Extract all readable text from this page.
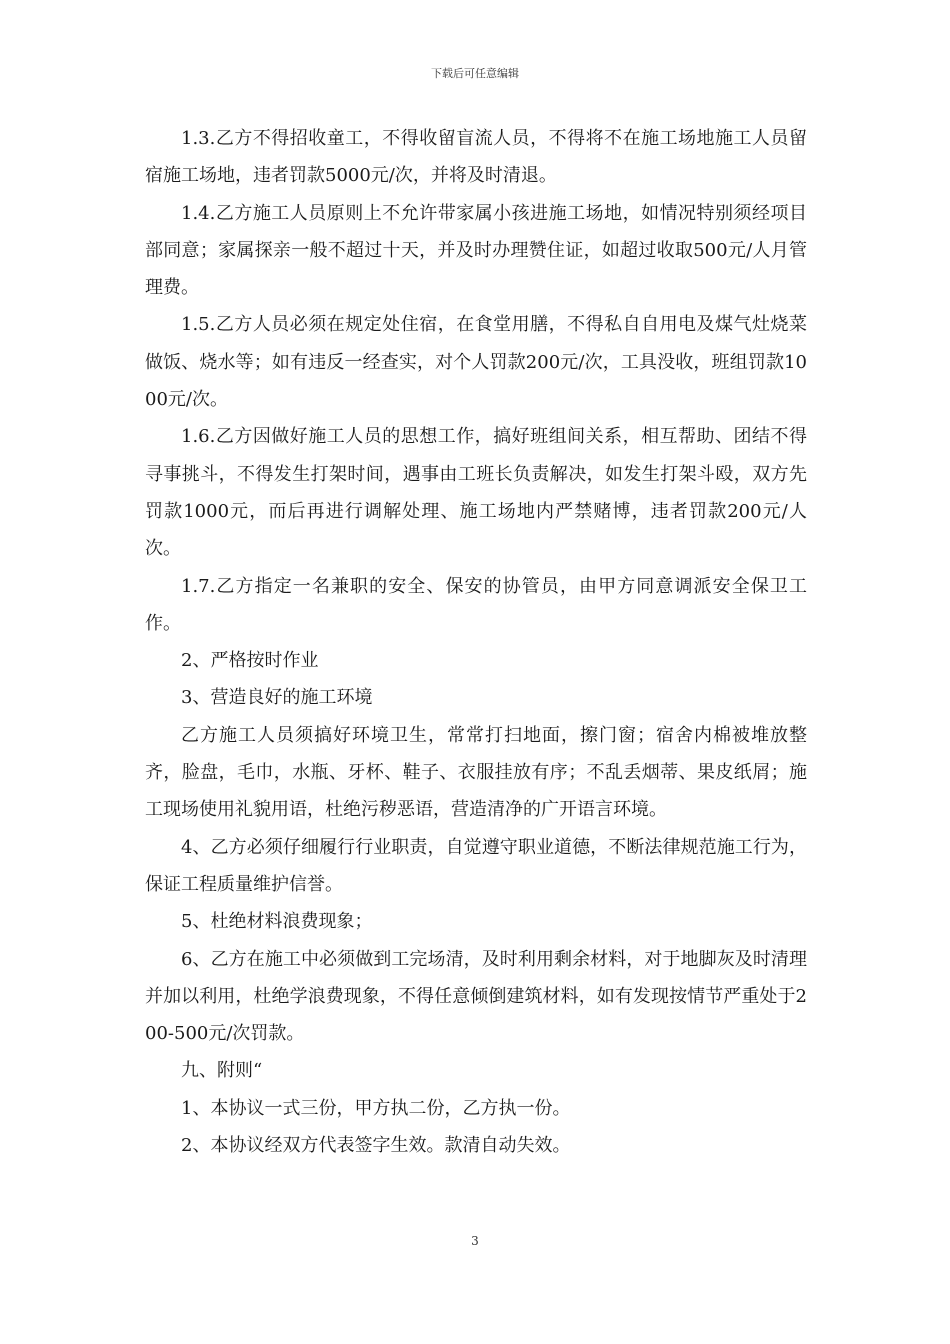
下载后可任意编辑

1.3.乙方不得招收童工，不得收留盲流人员，不得将不在施工场地施工人员留宿施工场地，违者罚款5000元/次，并将及时清退。

1.4.乙方施工人员原则上不允许带家属小孩进施工场地，如情况特别须经项目部同意；家属探亲一般不超过十天，并及时办理赞住证，如超过收取500元/人月管理费。

1.5.乙方人员必须在规定处住宿，在食堂用膳，不得私自自用电及煤气灶烧菜做饭、烧水等；如有违反一经查实，对个人罚款200元/次，工具没收，班组罚款1000元/次。

1.6.乙方因做好施工人员的思想工作，搞好班组间关系，相互帮助、团结不得寻事挑斗，不得发生打架时间，遇事由工班长负责解决，如发生打架斗殴，双方先罚款1000元，而后再进行调解处理、施工场地内严禁赌博，违者罚款200元/人次。

1.7.乙方指定一名兼职的安全、保安的协管员，由甲方同意调派安全保卫工作。

2、严格按时作业

3、营造良好的施工环境

乙方施工人员须搞好环境卫生，常常打扫地面，擦门窗；宿舍内棉被堆放整齐，脸盘，毛巾，水瓶、牙杯、鞋子、衣服挂放有序；不乱丢烟蒂、果皮纸屑；施工现场使用礼貌用语，杜绝污秽恶语，营造清净的广开语言环境。

4、乙方必须仔细履行行业职责，自觉遵守职业道德，不断法律规范施工行为，保证工程质量维护信誉。

5、杜绝材料浪费现象；

6、乙方在施工中必须做到工完场清，及时利用剩余材料，对于地脚灰及时清理并加以利用，杜绝学浪费现象，不得任意倾倒建筑材料，如有发现按情节严重处于200-500元/次罚款。

九、附则“

1、本协议一式三份，甲方执二份，乙方执一份。

2、本协议经双方代表签字生效。款清自动失效。

3
